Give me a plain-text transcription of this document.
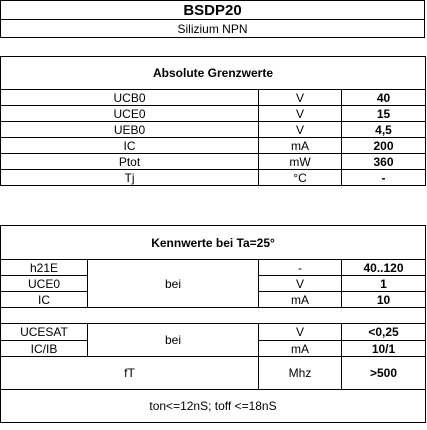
BSDP20
Silizium NPN
Absolute Grenzwerte		
UCB0	V	40
UCE0	V	15
UEB0	V	4,5
IC	mA	200
Ptot	mW	360
Tj	°C	-
Kennwerte bei Ta=25°			
h21E	bei	-	40..120
UCE0		V	1
IC		mA	10

UCESAT	bei	V	<0,25
IC/IB		mA	10/1
fT		Mhz	>500
ton<=12nS; toff <=18nS			
